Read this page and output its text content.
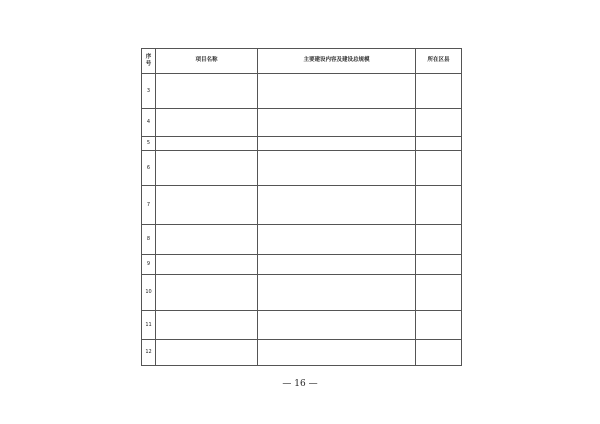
序号	项目名称	主要建设内容及建设总规模	所在区县
3			
4			
5			
6			
7			
8			
9			
10			
11			
12			
— 16 —
